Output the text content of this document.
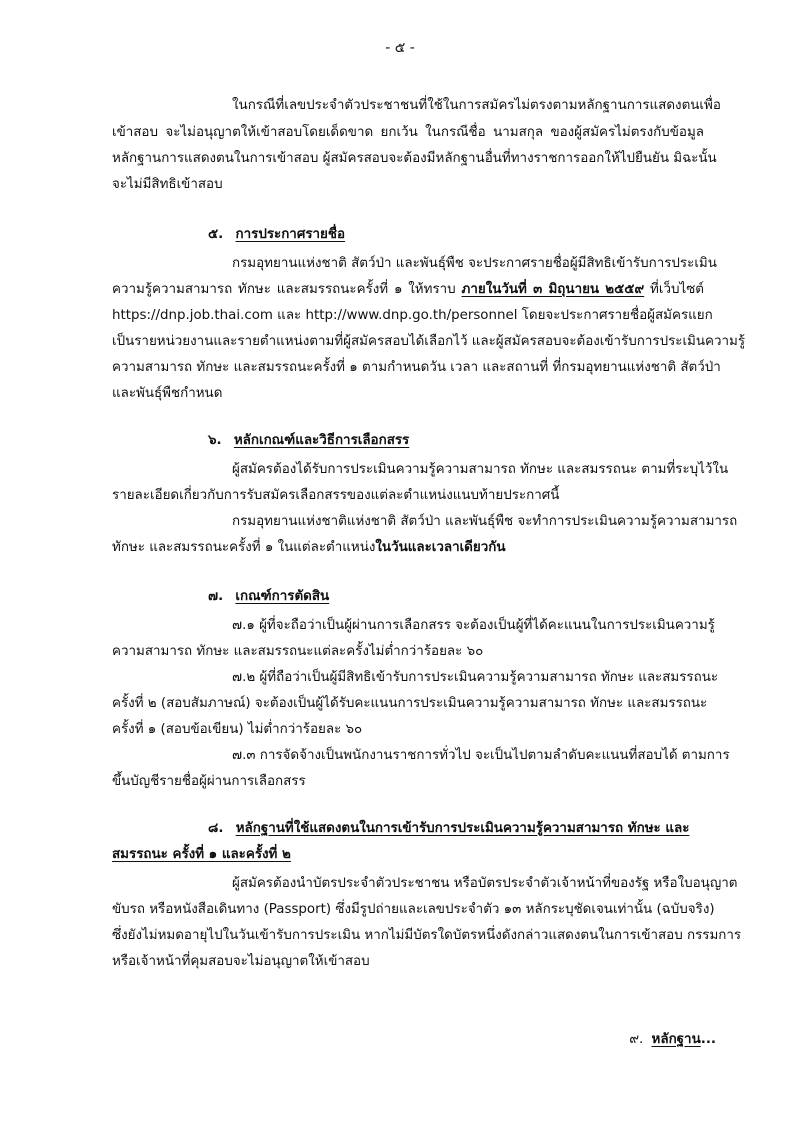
- ๕ -
ในกรณีที่เลขประจำตัวประชาชนที่ใช้ในการสมัครไม่ตรงตามหลักฐานการแสดงตนเพื่อ
เข้าสอบ จะไม่อนุญาตให้เข้าสอบโดยเด็ดขาด ยกเว้น ในกรณีชื่อ นามสกุล ของผู้สมัครไม่ตรงกับข้อมูล
หลักฐานการแสดงตนในการเข้าสอบ ผู้สมัครสอบจะต้องมีหลักฐานอื่นที่ทางราชการออกให้ไปยืนยัน มิฉะนั้น
จะไม่มีสิทธิเข้าสอบ
๕. การประกาศรายชื่อ
กรมอุทยานแห่งชาติ สัตว์ป่า และพันธุ์พืช จะประกาศรายชื่อผู้มีสิทธิเข้ารับการประเมิน
ความรู้ความสามารถ ทักษะ และสมรรถนะครั้งที่ ๑ ให้ทราบ ภายในวันที่ ๓ มิถุนายน ๒๕๕๙ ที่เว็บไซต์
https://dnp.job.thai.com และ http://www.dnp.go.th/personnel โดยจะประกาศรายชื่อผู้สมัครแยก
เป็นรายหน่วยงานและรายตำแหน่งตามที่ผู้สมัครสอบได้เลือกไว้ และผู้สมัครสอบจะต้องเข้ารับการประเมินความรู้
ความสามารถ ทักษะ และสมรรถนะครั้งที่ ๑ ตามกำหนดวัน เวลา และสถานที่ ที่กรมอุทยานแห่งชาติ สัตว์ป่า
และพันธุ์พืชกำหนด
๖. หลักเกณฑ์และวิธีการเลือกสรร
ผู้สมัครต้องได้รับการประเมินความรู้ความสามารถ ทักษะ และสมรรถนะ ตามที่ระบุไว้ใน
รายละเอียดเกี่ยวกับการรับสมัครเลือกสรรของแต่ละตำแหน่งแนบท้ายประกาศนี้
กรมอุทยานแห่งชาติแห่งชาติ สัตว์ป่า และพันธุ์พืช จะทำการประเมินความรู้ความสามารถ
ทักษะ และสมรรถนะครั้งที่ ๑ ในแต่ละตำแหน่งในวันและเวลาเดียวกัน
๗. เกณฑ์การตัดสิน
๗.๑ ผู้ที่จะถือว่าเป็นผู้ผ่านการเลือกสรร จะต้องเป็นผู้ที่ได้คะแนนในการประเมินความรู้
ความสามารถ ทักษะ และสมรรถนะแต่ละครั้งไม่ต่ำกว่าร้อยละ ๖๐
๗.๒ ผู้ที่ถือว่าเป็นผู้มีสิทธิเข้ารับการประเมินความรู้ความสามารถ ทักษะ และสมรรถนะ
ครั้งที่ ๒ (สอบสัมภาษณ์) จะต้องเป็นผู้ได้รับคะแนนการประเมินความรู้ความสามารถ ทักษะ และสมรรถนะ
ครั้งที่ ๑ (สอบข้อเขียน) ไม่ต่ำกว่าร้อยละ ๖๐
๗.๓ การจัดจ้างเป็นพนักงานราชการทั่วไป จะเป็นไปตามลำดับคะแนนที่สอบได้ ตามการ
ขึ้นบัญชีรายชื่อผู้ผ่านการเลือกสรร
๘. หลักฐานที่ใช้แสดงตนในการเข้ารับการประเมินความรู้ความสามารถ ทักษะ และ
สมรรถนะ ครั้งที่ ๑ และครั้งที่ ๒
ผู้สมัครต้องนำบัตรประจำตัวประชาชน หรือบัตรประจำตัวเจ้าหน้าที่ของรัฐ หรือใบอนุญาต
ขับรถ หรือหนังสือเดินทาง (Passport) ซึ่งมีรูปถ่ายและเลขประจำตัว ๑๓ หลักระบุชัดเจนเท่านั้น (ฉบับจริง)
ซึ่งยังไม่หมดอายุไปในวันเข้ารับการประเมิน หากไม่มีบัตรใดบัตรหนึ่งดังกล่าวแสดงตนในการเข้าสอบ กรรมการ
หรือเจ้าหน้าที่คุมสอบจะไม่อนุญาตให้เข้าสอบ
๙. หลักฐาน...
